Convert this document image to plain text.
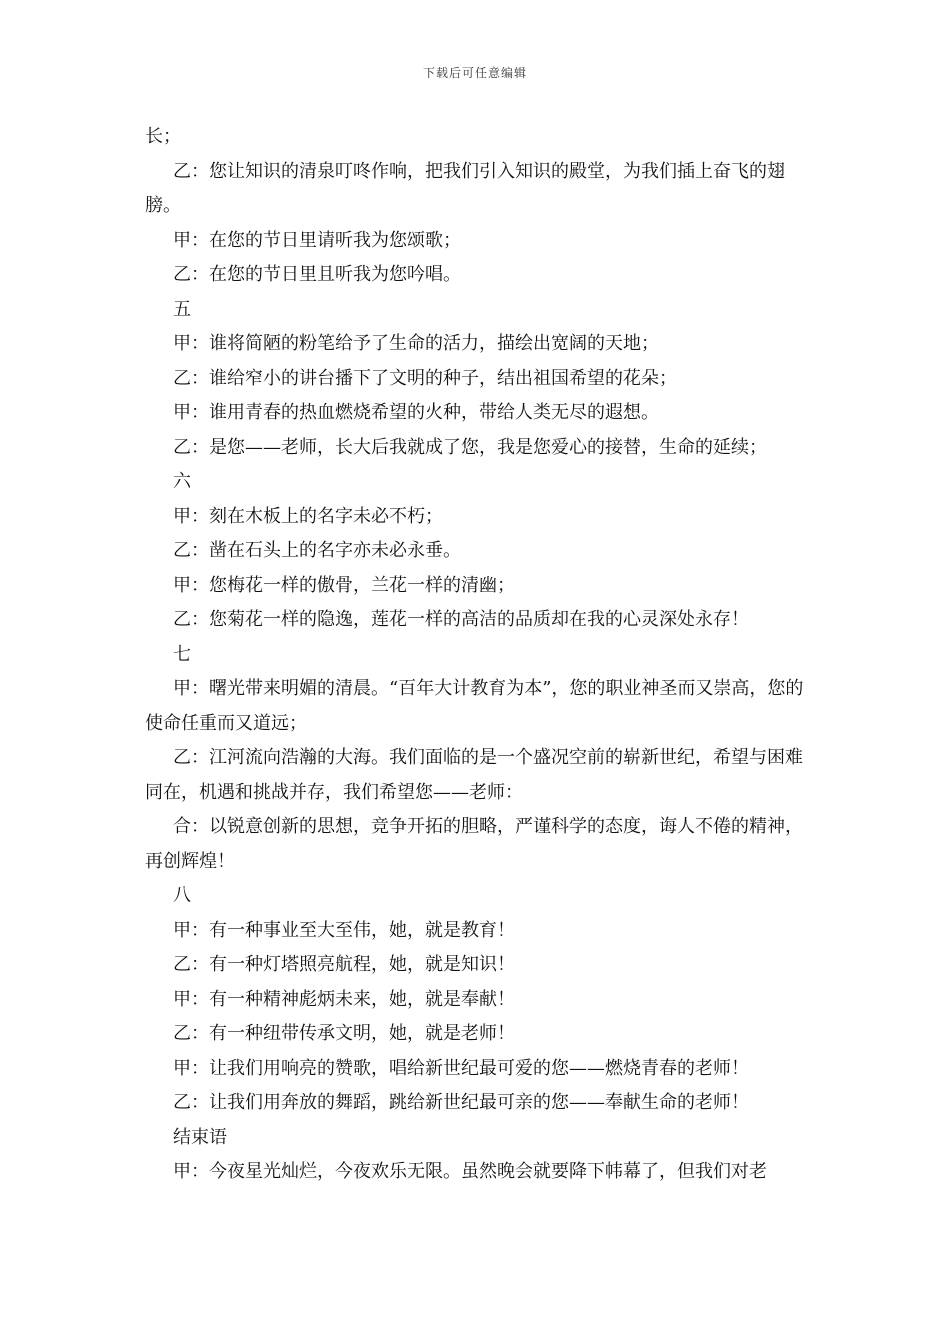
下载后可任意编辑

长；

乙：您让知识的清泉叮咚作响，把我们引入知识的殿堂，为我们插上奋飞的翅膀。

甲：在您的节日里请听我为您颂歌；

乙：在您的节日里且听我为您吟唱。

五

甲：谁将简陋的粉笔给予了生命的活力，描绘出宽阔的天地；

乙：谁给窄小的讲台播下了文明的种子，结出祖国希望的花朵；

甲：谁用青春的热血燃烧希望的火种，带给人类无尽的遐想。

乙：是您——老师，长大后我就成了您，我是您爱心的接替，生命的延续；

六

甲：刻在木板上的名字未必不朽；

乙：凿在石头上的名字亦未必永垂。

甲：您梅花一样的傲骨，兰花一样的清幽；

乙：您菊花一样的隐逸，莲花一样的高洁的品质却在我的心灵深处永存！

七

甲：曙光带来明媚的清晨。“百年大计教育为本”，您的职业神圣而又崇高，您的使命任重而又道远；

乙：江河流向浩瀚的大海。我们面临的是一个盛况空前的崭新世纪，希望与困难同在，机遇和挑战并存，我们希望您——老师：

合：以锐意创新的思想，竞争开拓的胆略，严谨科学的态度，诲人不倦的精神，再创辉煌！

八

甲：有一种事业至大至伟，她，就是教育！

乙：有一种灯塔照亮航程，她，就是知识！

甲：有一种精神彪炳未来，她，就是奉献！

乙：有一种纽带传承文明，她，就是老师！

甲：让我们用响亮的赞歌，唱给新世纪最可爱的您——燃烧青春的老师！

乙：让我们用奔放的舞蹈，跳给新世纪最可亲的您——奉献生命的老师！

结束语

甲：今夜星光灿烂，今夜欢乐无限。虽然晚会就要降下帏幕了，但我们对老
